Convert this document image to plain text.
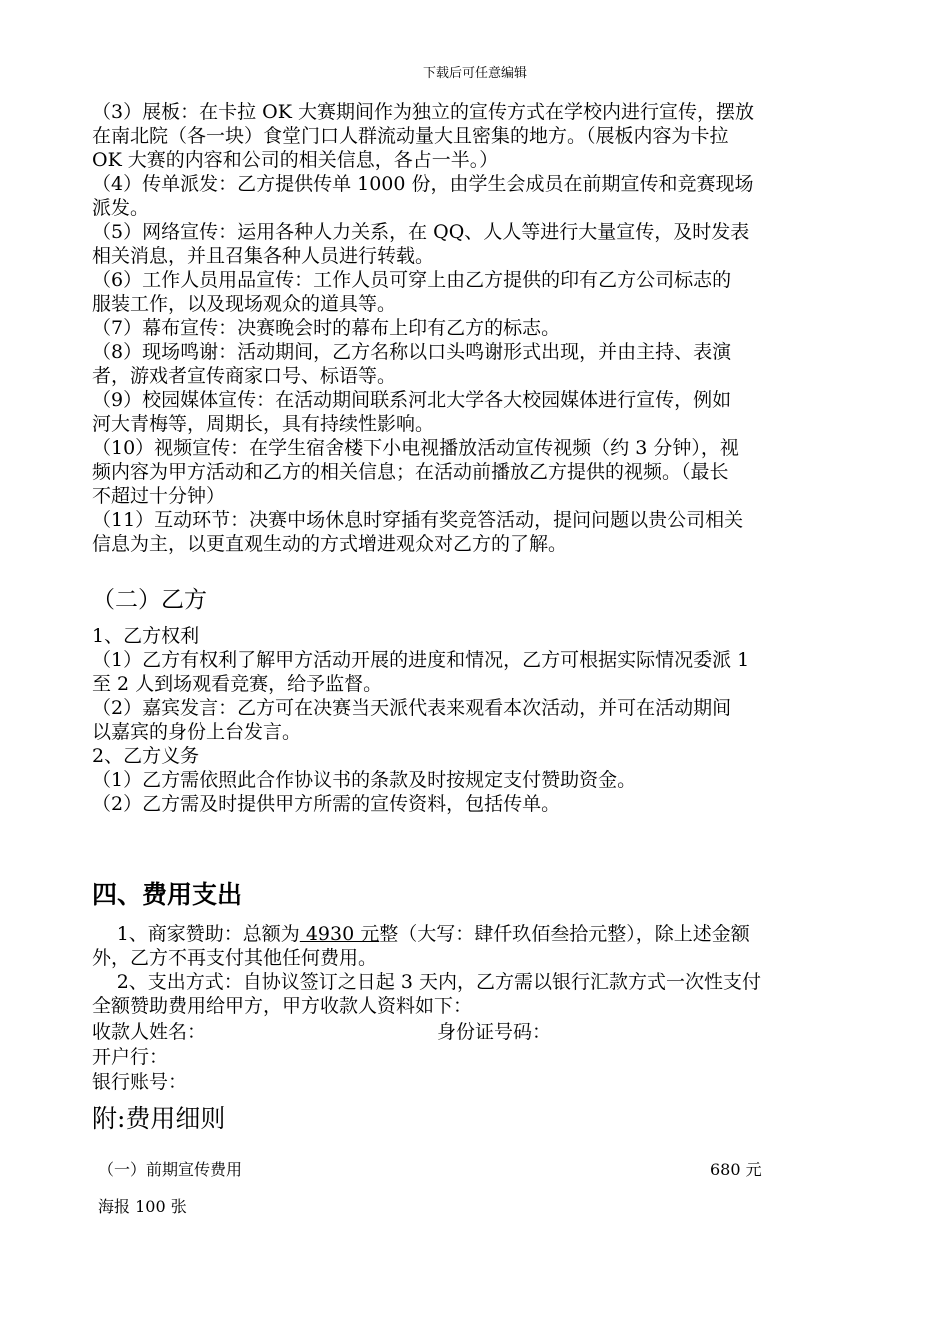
下载后可任意编辑

（3）展板：在卡拉 OK 大赛期间作为独立的宣传方式在学校内进行宣传，摆放

在南北院（各一块）食堂门口人群流动量大且密集的地方。（展板内容为卡拉

OK 大赛的内容和公司的相关信息，各占一半。）

（4）传单派发：乙方提供传单 1000 份，由学生会成员在前期宣传和竞赛现场

派发。

（5）网络宣传：运用各种人力关系，在 QQ、人人等进行大量宣传，及时发表

相关消息，并且召集各种人员进行转载。

（6）工作人员用品宣传：工作人员可穿上由乙方提供的印有乙方公司标志的

服装工作，以及现场观众的道具等。

（7）幕布宣传：决赛晚会时的幕布上印有乙方的标志。

（8）现场鸣谢：活动期间，乙方名称以口头鸣谢形式出现，并由主持、表演

者，游戏者宣传商家口号、标语等。

（9）校园媒体宣传：在活动期间联系河北大学各大校园媒体进行宣传，例如

河大青梅等，周期长，具有持续性影响。

（10）视频宣传：在学生宿舍楼下小电视播放活动宣传视频（约 3 分钟），视

频内容为甲方活动和乙方的相关信息；在活动前播放乙方提供的视频。（最长

不超过十分钟）

（11）互动环节：决赛中场休息时穿插有奖竞答活动，提问问题以贵公司相关

信息为主，以更直观生动的方式增进观众对乙方的了解。

（二）乙方

1、乙方权利

（1）乙方有权利了解甲方活动开展的进度和情况，乙方可根据实际情况委派 1

至 2 人到场观看竞赛，给予监督。

（2）嘉宾发言：乙方可在决赛当天派代表来观看本次活动，并可在活动期间

以嘉宾的身份上台发言。

2、乙方义务

（1）乙方需依照此合作协议书的条款及时按规定支付赞助资金。

（2）乙方需及时提供甲方所需的宣传资料，包括传单。

四、费用支出

1、商家赞助：总额为 4930 元整（大写：肆仟玖佰叁拾元整），除上述金额

外，乙方不再支付其他任何费用。

2、支出方式：自协议签订之日起 3 天内，乙方需以银行汇款方式一次性支付

全额赞助费用给甲方，甲方收款人资料如下：

收款人姓名：	身份证号码：
开户行：
银行账号：
附:费用细则
（一）前期宣传费用	680 元
海报 100 张
